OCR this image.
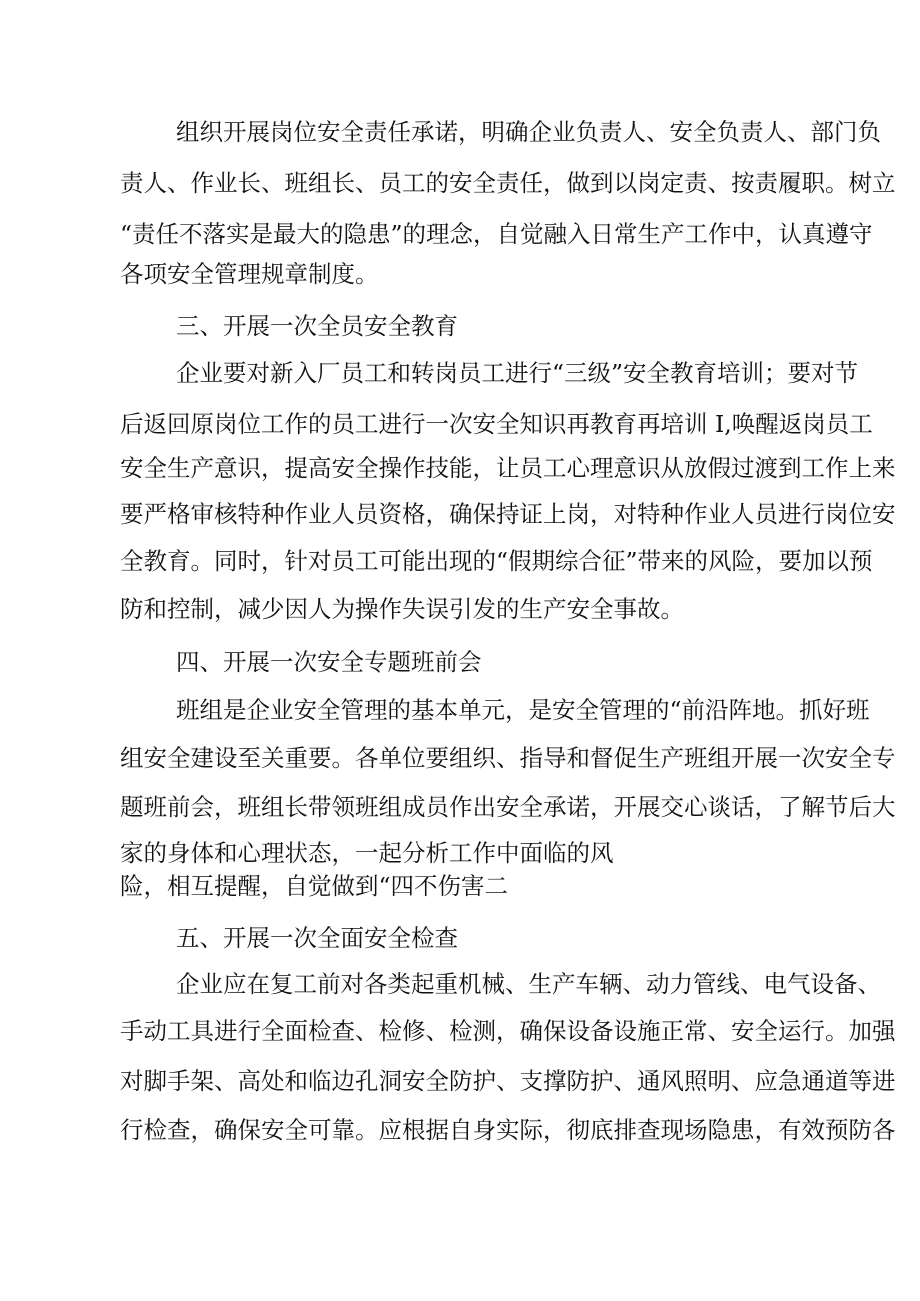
组织开展岗位安全责任承诺，明确企业负责人、安全负责人、部门负
责人、作业长、班组长、员工的安全责任，做到以岗定责、按责履职。树立
“责任不落实是最大的隐患”的理念，自觉融入日常生产工作中，认真遵守
各项安全管理规章制度。
三、开展一次全员安全教育
企业要对新入厂员工和转岗员工进行“三级”安全教育培训；要对节
后返回原岗位工作的员工进行一次安全知识再教育再培训 I,唤醒返岗员工
安全生产意识，提高安全操作技能，让员工心理意识从放假过渡到工作上来
要严格审核特种作业人员资格，确保持证上岗，对特种作业人员进行岗位安
全教育。同时，针对员工可能出现的“假期综合征”带来的风险，要加以预
防和控制，减少因人为操作失误引发的生产安全事故。
四、开展一次安全专题班前会
班组是企业安全管理的基本单元，是安全管理的“前沿阵地。抓好班
组安全建设至关重要。各单位要组织、指导和督促生产班组开展一次安全专
题班前会，班组长带领班组成员作出安全承诺，开展交心谈话，了解节后大
家的身体和心理状态，一起分析工作中面临的风
险，相互提醒，自觉做到“四不伤害二
五、开展一次全面安全检查
企业应在复工前对各类起重机械、生产车辆、动力管线、电气设备、
手动工具进行全面检查、检修、检测，确保设备设施正常、安全运行。加强
对脚手架、高处和临边孔洞安全防护、支撑防护、通风照明、应急通道等进
行检查，确保安全可靠。应根据自身实际，彻底排查现场隐患，有效预防各
